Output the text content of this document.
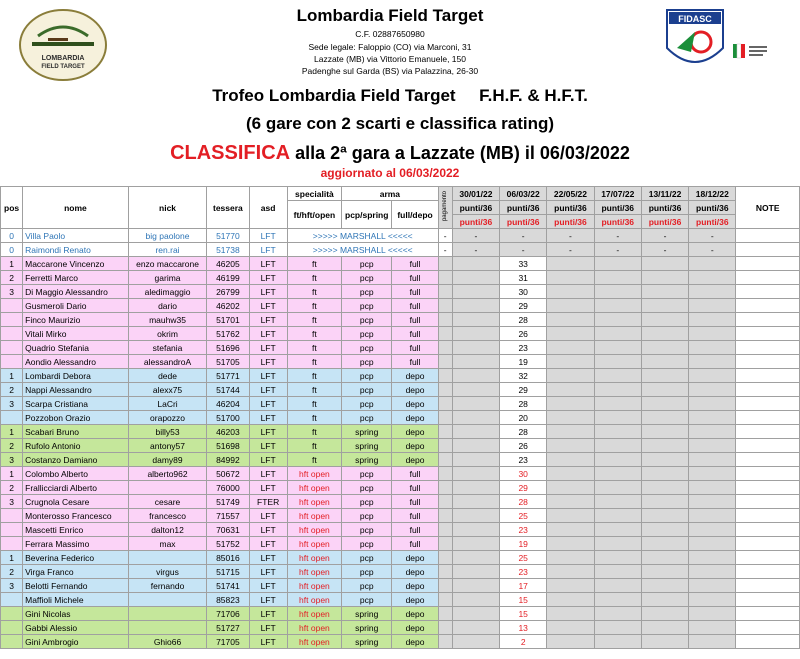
LOMBARDIA
FIELD TARGET
Lombardia Field Target
C.F. 02887650980
Sede legale: Faloppio (CO) via Marconi, 31
Lazzate (MB) via Vittorio Emanuele, 150
Padenghe sul Garda (BS) via Palazzina, 26-30
FIDASC
Trofeo Lombardia Field Target     F.H.F. & H.F.T.
(6 gare con 2 scarti e classifica rating)
CLASSIFICA alla 2ª gara a Lazzate (MB) il 06/03/2022
aggiornato al 06/03/2022
pos	nome	nick	tessera	asd	specialità	arma		pagamento	30/01/22	06/03/22	22/05/22	17/07/22	13/11/22	18/12/22	NOTE
					ft/hft/open	pcp/spring	full/depo		punti/36	punti/36	punti/36	punti/36	punti/36	punti/36	
									punti/36	punti/36	punti/36	punti/36	punti/36	punti/36	
0	Villa Paolo	big paolone	51770	LFT	>>>>> MARSHALL <<<<<			-	-	-	-	-	-	-	
0	Raimondi Renato	ren.rai	51738	LFT	>>>>> MARSHALL <<<<<			-	-	-	-	-	-	-	
1	Maccarone Vincenzo	enzo maccarone	46205	LFT	ft	pcp	full			33					
2	Ferretti Marco	garima	46199	LFT	ft	pcp	full			31					
3	Di Maggio Alessandro	aledimaggio	26799	LFT	ft	pcp	full			30					
	Gusmeroli Dario	dario	46202	LFT	ft	pcp	full			29					
	Finco Maurizio	mauhw35	51701	LFT	ft	pcp	full			28					
	Vitali Mirko	okrim	51762	LFT	ft	pcp	full			26					
	Quadrio Stefania	stefania	51696	LFT	ft	pcp	full			23					
	Aondio Alessandro	alessandroA	51705	LFT	ft	pcp	full			19					
1	Lombardi Debora	dede	51771	LFT	ft	pcp	depo			32					
2	Nappi Alessandro	alexx75	51744	LFT	ft	pcp	depo			29					
3	Scarpa Cristiana	LaCri	46204	LFT	ft	pcp	depo			28					
	Pozzobon Orazio	orapozzo	51700	LFT	ft	pcp	depo			20					
1	Scabari Bruno	billy53	46203	LFT	ft	spring	depo			28					
2	Rufolo Antonio	antony57	51698	LFT	ft	spring	depo			26					
3	Costanzo Damiano	damy89	84992	LFT	ft	spring	depo			23					
1	Colombo Alberto	alberto962	50672	LFT	hft open	pcp	full			30					
2	Frallicciardi Alberto		76000	LFT	hft open	pcp	full			29					
3	Crugnola Cesare	cesare	51749	FTER	hft open	pcp	full			28					
	Monterosso Francesco	francesco	71557	LFT	hft open	pcp	full			25					
	Mascetti Enrico	dalton12	70631	LFT	hft open	pcp	full			23					
	Ferrara Massimo	max	51752	LFT	hft open	pcp	full			19					
1	Beverina Federico		85016	LFT	hft open	pcp	depo			25					
2	Virga Franco	virgus	51715	LFT	hft open	pcp	depo			23					
3	Belotti Fernando	fernando	51741	LFT	hft open	pcp	depo			17					
	Maffioli Michele		85823	LFT	hft open	pcp	depo			15					
	Gini Nicolas		71706	LFT	hft open	spring	depo			15					
	Gabbi Alessio		51727	LFT	hft open	spring	depo			13					
	Gini Ambrogio	Ghio66	71705	LFT	hft open	spring	depo			2					
